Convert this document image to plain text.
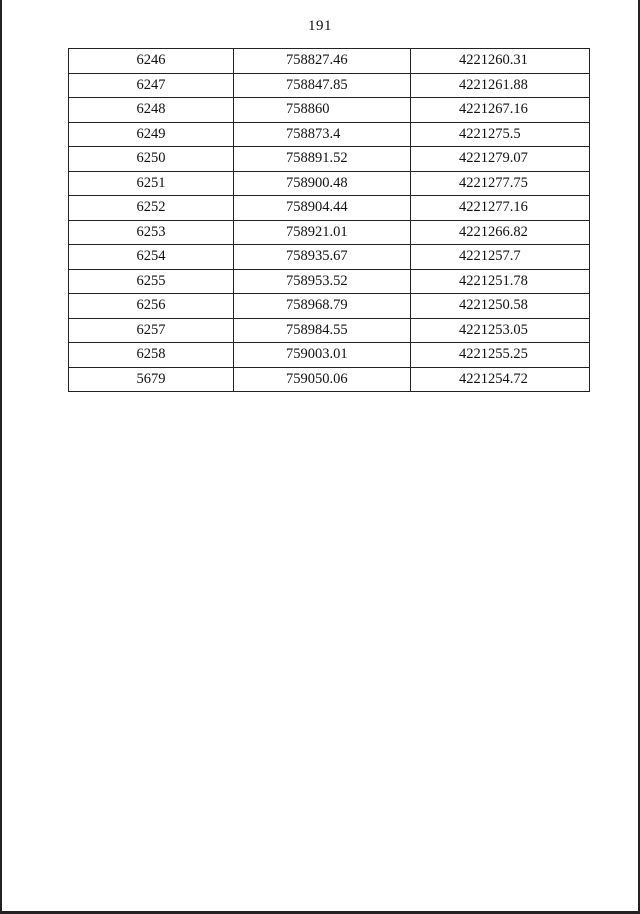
191
6246	758827.46	4221260.31
6247	758847.85	4221261.88
6248	758860	4221267.16
6249	758873.4	4221275.5
6250	758891.52	4221279.07
6251	758900.48	4221277.75
6252	758904.44	4221277.16
6253	758921.01	4221266.82
6254	758935.67	4221257.7
6255	758953.52	4221251.78
6256	758968.79	4221250.58
6257	758984.55	4221253.05
6258	759003.01	4221255.25
5679	759050.06	4221254.72
